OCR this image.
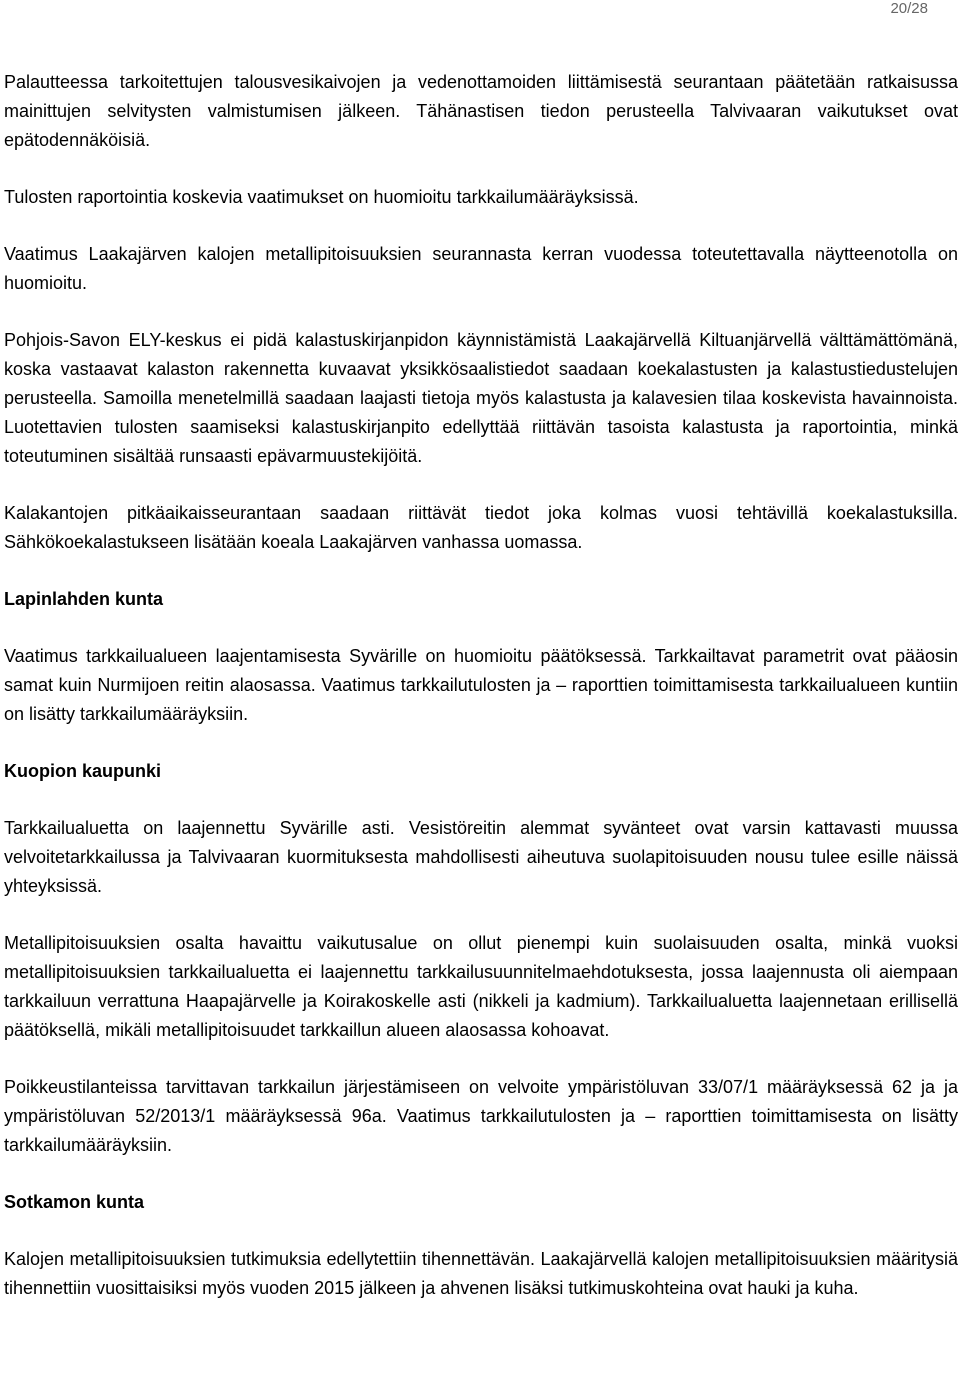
20/28

Palautteessa tarkoitettujen talousvesikaivojen ja vedenottamoiden liittämisestä seurantaan päätetään ratkaisussa mainittujen selvitysten valmistumisen jälkeen. Tähänastisen tiedon perusteella Talvivaaran vaikutukset ovat epätodennäköisiä.

Tulosten raportointia koskevia vaatimukset on huomioitu tarkkailumääräyksissä.

Vaatimus Laakajärven kalojen metallipitoisuuksien seurannasta kerran vuodessa toteutettavalla näytteenotolla on huomioitu.

Pohjois-Savon ELY-keskus ei pidä kalastuskirjanpidon käynnistämistä Laakajärvellä Kiltuanjärvellä välttämättömänä, koska vastaavat kalaston rakennetta kuvaavat yksikkösaalistiedot saadaan koekalastusten ja kalastustiedustelujen perusteella. Samoilla menetelmillä saadaan laajasti tietoja myös kalastusta ja kalavesien tilaa koskevista havainnoista. Luotettavien tulosten saamiseksi kalastuskirjanpito edellyttää riittävän tasoista kalastusta ja raportointia, minkä toteutuminen sisältää runsaasti epävarmuustekijöitä.

Kalakantojen pitkäaikaisseurantaan saadaan riittävät tiedot joka kolmas vuosi tehtävillä koekalastuksilla. Sähkökoekalastukseen lisätään koeala Laakajärven vanhassa uomassa.

Lapinlahden kunta

Vaatimus tarkkailualueen laajentamisesta Syvärille on huomioitu päätöksessä. Tarkkailtavat parametrit ovat pääosin samat kuin Nurmijoen reitin alaosassa. Vaatimus tarkkailutulosten ja – raporttien toimittamisesta tarkkailualueen kuntiin on lisätty tarkkailumääräyksiin.

Kuopion kaupunki

Tarkkailualuetta on laajennettu Syvärille asti. Vesistöreitin alemmat syvänteet ovat varsin kattavasti muussa velvoitetarkkailussa ja Talvivaaran kuormituksesta mahdollisesti aiheutuva suolapitoisuuden nousu tulee esille näissä yhteyksissä.

Metallipitoisuuksien osalta havaittu vaikutusalue on ollut pienempi kuin suolaisuuden osalta, minkä vuoksi metallipitoisuuksien tarkkailualuetta ei laajennettu tarkkailusuunnitelmaehdotuksesta, jossa laajennusta oli aiempaan tarkkailuun verrattuna Haapajärvelle ja Koirakoskelle asti (nikkeli ja kadmium). Tarkkailualuetta laajennetaan erillisellä päätöksellä, mikäli metallipitoisuudet tarkkaillun alueen alaosassa kohoavat.

Poikkeustilanteissa tarvittavan tarkkailun järjestämiseen on velvoite ympäristöluvan 33/07/1 määräyksessä 62 ja ja ympäristöluvan 52/2013/1 määräyksessä 96a. Vaatimus tarkkailutulosten ja – raporttien toimittamisesta on lisätty tarkkailumääräyksiin.

Sotkamon kunta

Kalojen metallipitoisuuksien tutkimuksia edellytettiin tihennettävän. Laakajärvellä kalojen metallipitoisuuksien määritysiä tihennettiin vuosittaisiksi myös vuoden 2015 jälkeen ja ahvenen lisäksi tutkimuskohteina ovat hauki ja kuha.
